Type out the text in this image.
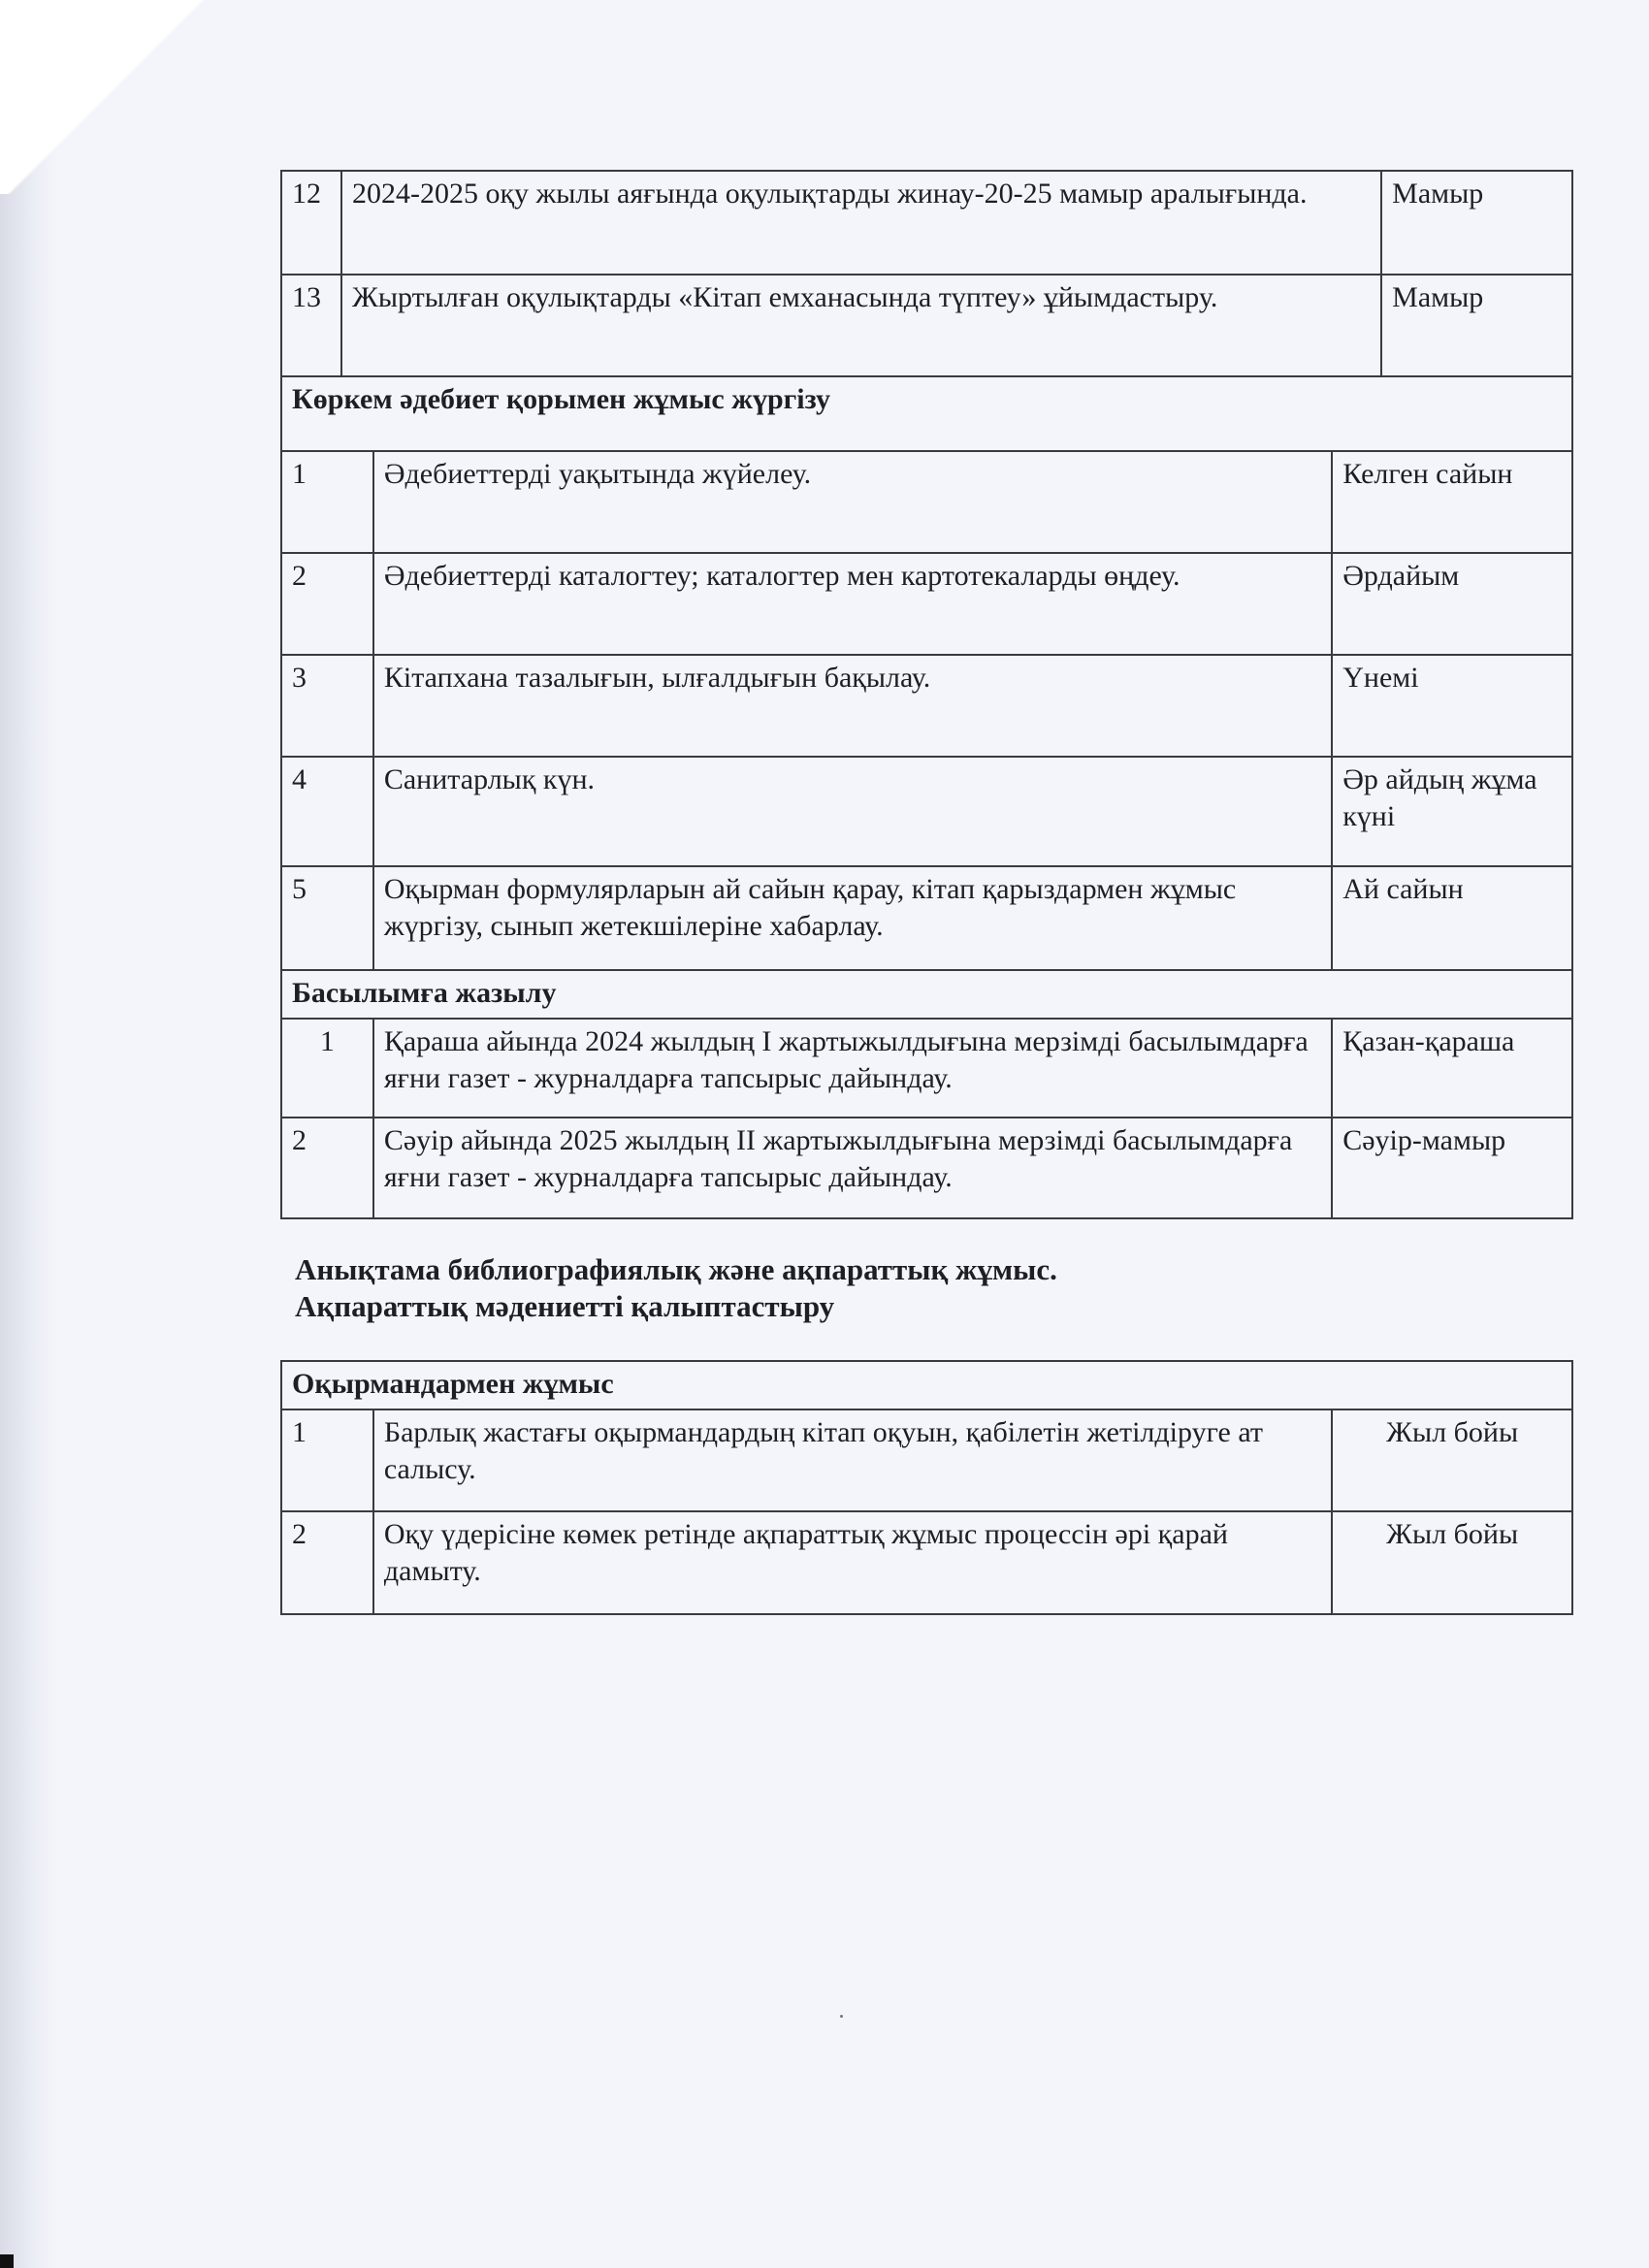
12	2024-2025 оқу жылы аяғында оқулықтарды жинау-20-25 мамыр аралығында.	Мамыр
13	Жыртылған оқулықтарды «Кітап емханасында түптеу» ұйымдастыру.	Мамыр
Көркем әдебиет қорымен жұмыс жүргізу		
1	Әдебиеттерді уақытында жүйелеу.	Келген сайын
2	Әдебиеттерді каталогтеу; каталогтер мен картотекаларды өңдеу.	Әрдайым
3	Кітапхана тазалығын, ылғалдығын бақылау.	Үнемі
4	Санитарлық күн.	Әр айдың жұма күні
5	Оқырман формулярларын ай сайын қарау, кітап қарыздармен жұмыс жүргізу, сынып жетекшілеріне хабарлау.	Ай сайын
Басылымға жазылу		
1	Қараша айында 2024 жылдың І жартыжылдығына мерзімді басылымдарға яғни газет - журналдарға тапсырыс дайындау.	Қазан-қараша
2	Сәуір айында 2025 жылдың ІІ жартыжылдығына мерзімді басылымдарға яғни газет - журналдарға тапсырыс дайындау.	Сәуір-мамыр
Анықтама библиографиялық және ақпараттық жұмыс.
Ақпараттық мәдениетті қалыптастыру
Оқырмандармен жұмыс		
1	Барлық жастағы оқырмандардың кітап оқуын, қабілетін жетілдіруге ат салысу.	Жыл бойы
2	Оқу үдерісіне көмек ретінде ақпараттық жұмыс процессін әрі қарай дамыту.	Жыл бойы
